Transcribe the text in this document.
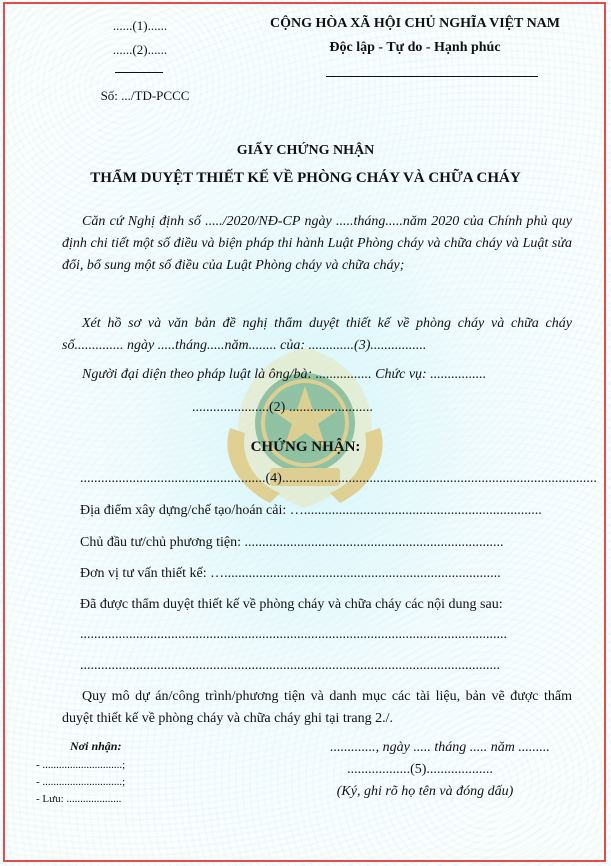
......(1)......
......(2)......
Số: .../TD-PCCC
CỘNG HÒA XÃ HỘI CHỦ NGHĨA VIỆT NAM
Độc lập - Tự do - Hạnh phúc
GIẤY CHỨNG NHẬN
THẨM DUYỆT THIẾT KẾ VỀ PHÒNG CHÁY VÀ CHỮA CHÁY
Căn cứ Nghị định số ...../2020/NĐ-CP ngày .....tháng.....năm 2020 của Chính phủ quy định chi tiết một số điều và biện pháp thi hành Luật Phòng cháy và chữa cháy và Luật sửa đổi, bổ sung một số điều của Luật Phòng cháy và chữa cháy;
Xét hồ sơ và văn bản đề nghị thẩm duyệt thiết kế về phòng cháy và chữa cháy số.............. ngày .....tháng.....năm........ của: .............(3)................
Người đại diện theo pháp luật là ông/bà: ................ Chức vụ: ................
......................(2) ........................
CHỨNG NHẬN:
.....................................................(4)..........................................................................................
Địa điểm xây dựng/chế tạo/hoán cải: …....................................................................
Chủ đầu tư/chủ phương tiện: ..........................................................................
Đơn vị tư vấn thiết kế: …...............................................................................
Đã được thẩm duyệt thiết kế về phòng cháy và chữa cháy các nội dung sau:
..........................................................................................................................
........................................................................................................................
Quy mô dự án/công trình/phương tiện và danh mục các tài liệu, bản vẽ được thẩm duyệt thiết kế về phòng cháy và chữa cháy ghi tại trang 2./.
Nơi nhận:
- .............................;
- .............................;
- Lưu: ....................
............., ngày ..... tháng ..... năm .........
..................(5)...................
(Ký, ghi rõ họ tên và đóng dấu)
